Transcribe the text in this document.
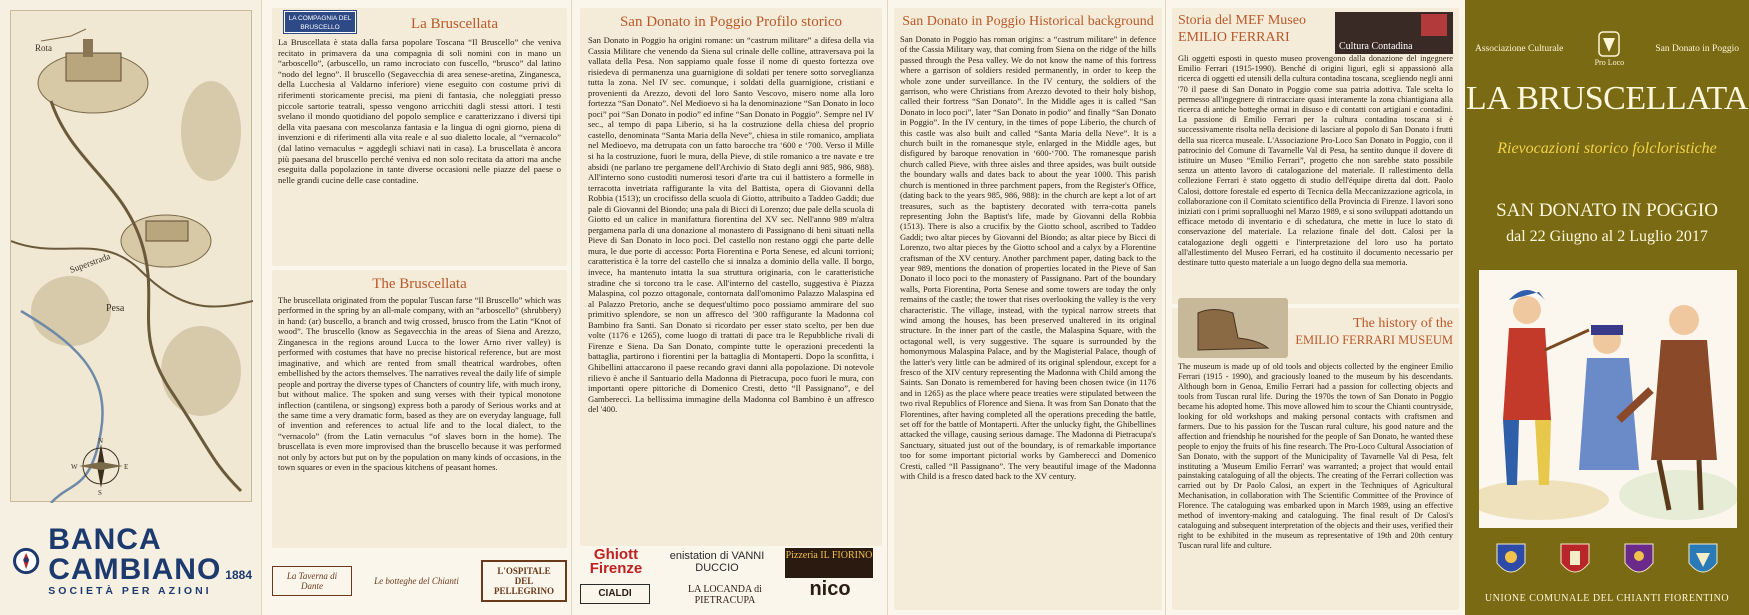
Rota
Superstrada
Pesa
N
S
E
W
BANCA
CAMBIANO 1884
SOCIETÀ PER AZIONI
LA COMPAGNIA DEL BRUSCELLO	La Bruscellata

La Bruscellata è stata dalla farsa popolare Toscana “Il Bruscello” che veniva recitato in primavera da una compagnia di soli nomini con in mano un “arboscello”, (arbuscello, un ramo incrociato con fuscello, “brusco” dal latino “nodo del legno”. Il bruscello (Segavecchia di area senese-aretina, Zinganesca, della Lucchesia al Valdarno inferiore) viene eseguito con costume privi di riferimenti storicamente precisi, ma pieni di fantasia, che noleggiati presso piccole sartorie teatrali, spesso vengono arricchiti dagli stessi attori. I testi svelano il mondo quotidiano del popolo semplice e caratterizzano i diversi tipi della vita paesana con mescolanza fantasia e la lingua di ogni giorno, piena di invenzioni e di riferimenti alla vita reale e al suo dialetto locale, al “vernacolo” (dal latino vernaculus = aggdegli schiavi nati in casa). La bruscellata è ancora più paesana del bruscello perché veniva ed non solo recitata da attori ma anche eseguita dalla popolazione in tante diverse occasioni nelle piazze del paese o nelle grandi cucine delle case contadine.

The Bruscellata

The bruscellata originated from the popular Tuscan farse “Il Bruscello” which was performed in the spring by an all-male company, with an “arboscello” (shrubbery) in hand: (ar) buscello, a branch and twig crossed, brusco from the Latin “Knot of wood”. The bruscello (know as Segavecchia in the areas of Siena and Arezzo, Zinganesca in the regions around Lucca to the lower Arno river valley) is performed with costumes that have no precise historical reference, but are most imaginative, and which are rented from small theatrical wardrobes, often embellished by the actors themselves. The narratives reveal the daily life of simple people and portray the diverse types of Chancters of country life, with much irony, but without malice. The spoken and sung verses with their typical monotone inflection (cantilena, or singsong) express both a parody of Serious works and at the same time a very dramatic form, based as they are on everyday language, full of invention and references to actual life and to the local dialect, to the “vernacolo” (from the Latin vernaculus “of slaves born in the home). The bruscellata is even more improvised than the bruscello because it was performed not only by actors but put on by the population on many kinds of occasions, in the town squares or even in the spacious kitchens of peasant homes.

La Taverna di Dante	Le botteghe del Chianti
L'OSPITALE DEL PELLEGRINO
San Donato in Poggio Profilo storico

San Donato in Poggio ha origini romane: un “castrum militare” a difesa della via Cassia Militare che venendo da Siena sul crinale delle colline, attraversava poi la vallata della Pesa. Non sappiamo quale fosse il nome di questo fortezza ove risiedeva di permanenza una guarnigione di soldati per tenere sotto sorveglianza tutta la zona. Nel IV sec. comunque, i soldati della guarnigione, cristiani e provenienti da Arezzo, devoti del loro Santo Vescovo, misero nome alla loro fortezza “San Donato”. Nel Medioevo si ha la denominazione “San Donato in loco poci” poi “San Donato in podio” ed infine “San Donato in Poggio”. Sempre nel IV sec., al tempo di papa Liberio, si ha la costruzione della chiesa del proprio castello, denominata “Santa Maria della Neve”, chiesa in stile romanico, ampliata nel Medioevo, ma detrupata con un fatto barocche tra ‘600 e ‘700. Verso il Mille si ha la costruzione, fuori le mura, della Pieve, di stile romanico a tre navate e tre absidi (ne parlano tre pergamene dell'Archivio di Stato degli anni 985, 986, 988). All'interno sono custoditi numerosi tesori d'arte tra cui il battistero a formelle in terracotta invetriata raffigurante la vita del Battista, opera di Giovanni della Robbia (1513); un crocifisso della scuola di Giotto, attribuito a Taddeo Gaddi; due pale di Giovanni del Biondo; una pala di Bicci di Lorenzo; due pale della scuola di Giotto ed un calice in manifattura fiorentina del XV sec. Nell'anno 989 m'altra pergamena parla di una donazione al monastero di Passignano di beni situati nella Pieve di San Donato in loco poci. Del castello non restano oggi che parte delle mura, le due porte di accesso: Porta Fiorentina e Porta Senese, ed alcuni torrioni; caratteristica è la torre del castello che si innalza a dominio della valle. Il borgo, invece, ha mantenuto intatta la sua struttura originaria, con le caratteristiche stradine che si torcono tra le case. All'interno del castello, suggestiva è Piazza Malaspina, col pozzo ottagonale, contornata dall'omonimo Palazzo Malaspina ed al Palazzo Pretorio, anche se dequest'ultimo poco possiamo ammirare del suo primitivo splendore, se non un affresco del '300 raffigurante la Madonna col Bambino fra Santi. San Donato si ricordato per esser stato scelto, per ben due volte (1176 e 1265), come luogo di trattati di pace tra le Repubbliche rivali di Firenze e Siena. Da San Donato, compinte tutte le operazioni precedenti la battaglia, partirono i fiorentini per la battaglia di Montaperti. Dopo la sconfitta, i Ghibellini attaccarono il paese recando gravi danni alla popolazione. Di notevole rilievo è anche il Santuario della Madonna di Pietracupa, poco fuori le mura, con importanti opere pittoriche di Domenico Cresti, detto “Il Passignano”, e del Gambereccì. La bellissima immagine della Madonna col Bambino è un affresco del '400.

Ghiott Firenze
enistation di VANNI DUCCIO
Pizzeria IL FIORINO
CIALDI	LA LOCANDA di PIETRACUPA
nico
San Donato in Poggio Historical background

San Donato in Poggio has roman origins: a “castrum militare” in defence of the Cassia Military way, that coming from Siena on the ridge of the hills passed through the Pesa valley. We do not know the name of this fortress where a garrison of soldiers resided permanently, in order to keep the whole zone under surveillance. In the IV century, the soldiers of the garrison, who were Christians from Arezzo devoted to their holy bishop, called their fortress “San Donato”. In the Middle ages it is called “San Donato in loco poci”, later “San Donato in podio” and finally “San Donato in Poggio”. In the IV century, in the times of pope Liberio, the church of this castle was also built and called “Santa Maria della Neve”. It is a church built in the romanesque style, enlarged in the Middle ages, but disfigured by baroque renovation in ‘600-‘700. The romanesque parish church called Pieve, with three aisles and three apsides, was built outside the boundary walls and dates back to about the year 1000. This parish church is mentioned in three parchment papers, from the Register's Office, (dating back to the years 985, 986, 988): in the church are kept a lot of art treasures, such as the baptistery decorated with terra-cotta panels representing John the Baptist's life, made by Giovanni della Robbia (1513). There is also a crucifix by the Giotto school, ascribed to Taddeo Gaddi; two altar pieces by Giovanni del Biondo; as altar piece by Bicci di Lorenzo, two altar pieces by the Giotto school and a calyx by a Florentine craftsman of the XV century. Another parchment paper, dating back to the year 989, mentions the donation of properties located in the Pieve of San Donato il loco poci to the monastery of Passignano. Part of the boundary walls, Porta Fiorentina, Porta Senese and some towers are today the only remains of the castle; the tower that rises overlooking the valley is the very characteristic. The village, instead, with the typical narrow streets that wind among the houses, has been preserved unaltered in its original structure. In the inner part of the castle, the Malaspina Square, with the octagonal well, is very suggestive. The square is surrounded by the homonymous Malaspina Palace, and by the Magisterial Palace, though of the latter's very little can be admired of its original splendour, except for a fresco of the XIV century representing the Madonna with Child among the Saints. San Donato is remembered for having been chosen twice (in 1176 and in 1265) as the place where peace treaties were stipulated between the two rival Republics of Florence and Siena. It was from San Donato that the Florentines, after having completed all the operations preceding the battle, set off for the battle of Montaperti. After the unlucky fight, the Ghibellines attacked the village, causing serious damage. The Madonna di Pietracupa's Sanctuary, situated just out of the boundary, is of remarkable importance too for some important pictorial works by Gambereccì and Domenico Cresti, called “Il Passignano”. The very beautiful image of the Madonna with Child is a fresco dated back to the XV century.

Storia del MEF Museo
EMILIO FERRARI
Cultura Contadina

Gli oggetti esposti in questo museo provengono dalla donazione del ingegnere Emilio Ferrari (1915-1990). Benché di origini liguri, egli si appassionò alla ricerca di oggetti ed utensili della cultura contadina toscana, scegliendo negli anni '70 il paese di San Donato in Poggio come sua patria adottiva. Tale scelta lo permesso all'ingegnere di rintracciare quasi interamente la zona chiantigiana alla ricerca di antiche botteghe ormai in disuso e di contatti con artigiani e contadini. La passione di Emilio Ferrari per la cultura contadina toscana si è successivamente risolta nella decisione di lasciare al popolo di San Donato i frutti della sua ricerca museale. L'Associazione Pro-Loco San Donato in Poggio, con il patrocinio del Comune di Tavarnelle Val di Pesa, ha sentito dunque il dovere di istituire un Museo “Emilio Ferrari”, progetto che non sarebbe stato possibile senza un attento lavoro di catalogazione del materiale. Il rallestimento della collezione Ferrari è stato oggetto di studio dell'équipe diretta dal dott. Paolo Calosi, dottore forestale ed esperto di Tecnica della Meccanizzazione agricola, in collaborazione con il Comitato scientifico della Provincia di Firenze. I lavori sono iniziati con i primi sopralluoghi nel Marzo 1989, e si sono sviluppati adottando un efficace metodo di inventario e di schedatura, che mette in luce lo stato di conservazione del materiale. La relazione finale del dott. Calosi per la catalogazione degli oggetti e l'interpretazione del loro uso ha portato all'allestimento del Museo Ferrari, ed ha costituito il documento necessario per destinare tutto questo materiale a un luogo degno della sua memoria.

The history of the
EMILIO FERRARI MUSEUM

The museum is made up of old tools and objects collected by the engineer Emilio Ferrari (1915 - 1990), and graciously loaned to the museum by his descendants. Although born in Genoa, Emilio Ferrari had a passion for collecting objects and tools from Tuscan rural life. During the 1970s the town of San Donato in Poggio became his adopted home. This move allowed him to scour the Chianti countryside, looking for old workshops and making personal contacts with craftsmen and farmers. Due to his passion for the Tuscan rural culture, his good nature and the affection and friendship he nourished for the people of San Donato, he wanted these people to enjoy the fruits of his fine research. The Pro-Loco Cultural Association of San Donato, with the support of the Municipality of Tavarnelle Val di Pesa, felt instituting a 'Museum Emilio Ferrari' was warranted; a project that would entail painstaking cataloguing of all the objects. The creating of the Ferrari collection was carried out by Dr Paolo Calosi, an expert in the Techniques of Agricultural Mechanisation, in collaboration with The Scientific Committee of the Province of Florence. The cataloguing was embarked upon in March 1989, using an effective method of inventory-making and cataloguing. The final result of Dr Calosi's cataloguing and subsequent interpretation of the objects and their uses, verified their right to be exhibited in the museum as representative of 19th and 20th century Tuscan rural life and culture.

Associazione Culturale
Pro Loco
San Donato in Poggio
LA BRUSCELLATA
Rievocazioni storico folcloristiche
SAN DONATO IN POGGIO
dal 22 Giugno al 2 Luglio 2017
UNIONE COMUNALE DEL CHIANTI FIORENTINO
